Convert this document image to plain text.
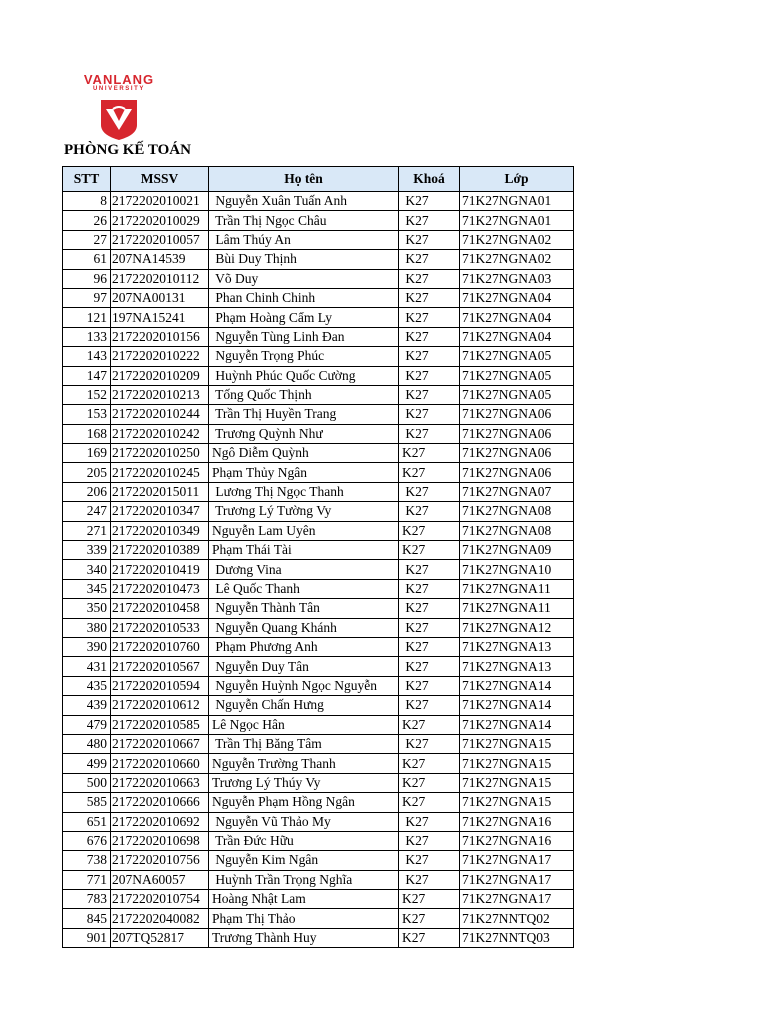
VANLANG
UNIVERSITY
PHÒNG KẾ TOÁN
STT	MSSV	Họ tên	Khoá	Lớp
8	2172202010021	Nguyễn Xuân Tuấn Anh	K27	71K27NGNA01
26	2172202010029	Trần Thị Ngọc Châu	K27	71K27NGNA01
27	2172202010057	Lâm Thúy An	K27	71K27NGNA02
61	207NA14539	Bùi Duy Thịnh	K27	71K27NGNA02
96	2172202010112	Võ Duy	K27	71K27NGNA03
97	207NA00131	Phan Chinh Chinh	K27	71K27NGNA04
121	197NA15241	Phạm Hoàng Cẩm Ly	K27	71K27NGNA04
133	2172202010156	Nguyễn Tùng Linh Đan	K27	71K27NGNA04
143	2172202010222	Nguyễn Trọng Phúc	K27	71K27NGNA05
147	2172202010209	Huỳnh Phúc Quốc Cường	K27	71K27NGNA05
152	2172202010213	Tống Quốc Thịnh	K27	71K27NGNA05
153	2172202010244	Trần Thị Huyền Trang	K27	71K27NGNA06
168	2172202010242	Trương Quỳnh Như	K27	71K27NGNA06
169	2172202010250	Ngô Diễm Quỳnh	K27	71K27NGNA06
205	2172202010245	Phạm Thủy Ngân	K27	71K27NGNA06
206	2172202015011	Lương Thị Ngọc Thanh	K27	71K27NGNA07
247	2172202010347	Trương Lý Tường Vy	K27	71K27NGNA08
271	2172202010349	Nguyễn Lam Uyên	K27	71K27NGNA08
339	2172202010389	Phạm Thái Tài	K27	71K27NGNA09
340	2172202010419	Dương Vina	K27	71K27NGNA10
345	2172202010473	Lê Quốc Thanh	K27	71K27NGNA11
350	2172202010458	Nguyễn Thành Tân	K27	71K27NGNA11
380	2172202010533	Nguyễn Quang Khánh	K27	71K27NGNA12
390	2172202010760	Phạm Phương Anh	K27	71K27NGNA13
431	2172202010567	Nguyễn Duy Tân	K27	71K27NGNA13
435	2172202010594	Nguyễn Huỳnh Ngọc Nguyễn	K27	71K27NGNA14
439	2172202010612	Nguyễn Chấn Hưng	K27	71K27NGNA14
479	2172202010585	Lê Ngọc Hân	K27	71K27NGNA14
480	2172202010667	Trần Thị Băng Tâm	K27	71K27NGNA15
499	2172202010660	Nguyễn Trường Thanh	K27	71K27NGNA15
500	2172202010663	Trương Lý Thúy Vy	K27	71K27NGNA15
585	2172202010666	Nguyễn Phạm Hồng Ngân	K27	71K27NGNA15
651	2172202010692	Nguyễn Vũ Thảo My	K27	71K27NGNA16
676	2172202010698	Trần Đức Hữu	K27	71K27NGNA16
738	2172202010756	Nguyễn Kim Ngân	K27	71K27NGNA17
771	207NA60057	Huỳnh Trần Trọng Nghĩa	K27	71K27NGNA17
783	2172202010754	Hoàng Nhật Lam	K27	71K27NGNA17
845	2172202040082	Phạm Thị Thảo	K27	71K27NNTQ02
901	207TQ52817	Trương Thành Huy	K27	71K27NNTQ03
